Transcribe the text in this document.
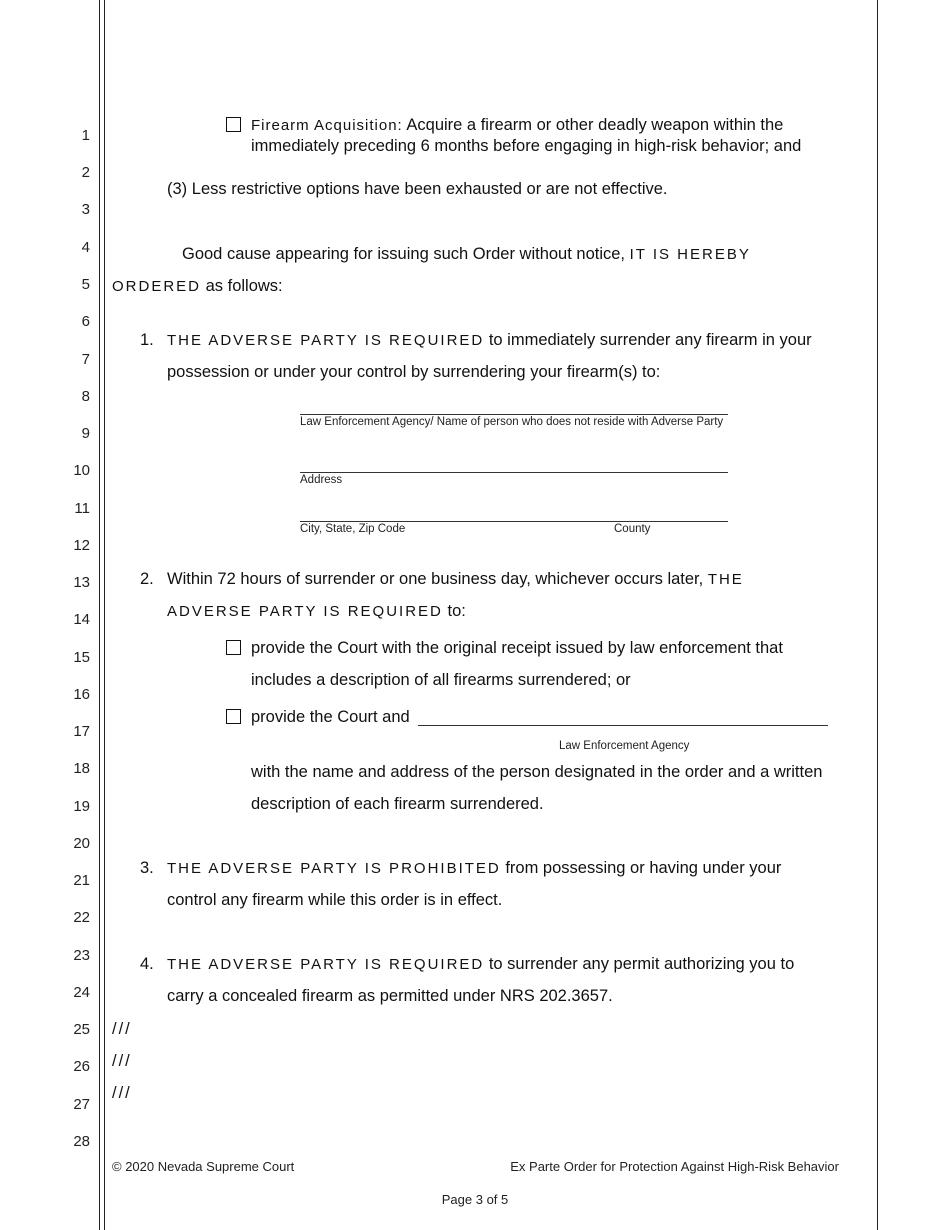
1
2
3
4
5
6
7
8
9
10
11
12
13
14
15
16
17
18
19
20
21
22
23
24
25
26
27
28
Firearm Acquisition: Acquire a firearm or other deadly weapon within the
immediately preceding 6 months before engaging in high-risk behavior; and
(3) Less restrictive options have been exhausted or are not effective.
Good cause appearing for issuing such Order without notice, IT IS HEREBY
ORDERED as follows:
1. THE ADVERSE PARTY IS REQUIRED to immediately surrender any firearm in your
possession or under your control by surrendering your firearm(s) to:
Law Enforcement Agency/ Name of person who does not reside with Adverse Party
Address
City, State, Zip Code	County
2. Within 72 hours of surrender or one business day, whichever occurs later, THE
ADVERSE PARTY IS REQUIRED to:
provide the Court with the original receipt issued by law enforcement that
includes a description of all firearms surrendered; or
provide the Court and
Law Enforcement Agency
with the name and address of the person designated in the order and a written
description of each firearm surrendered.
3. THE ADVERSE PARTY IS PROHIBITED from possessing or having under your
control any firearm while this order is in effect.
4. THE ADVERSE PARTY IS REQUIRED to surrender any permit authorizing you to
carry a concealed firearm as permitted under NRS 202.3657.
///
///
///
© 2020 Nevada Supreme Court	Ex Parte Order for Protection Against High-Risk Behavior
Page 3 of 5
